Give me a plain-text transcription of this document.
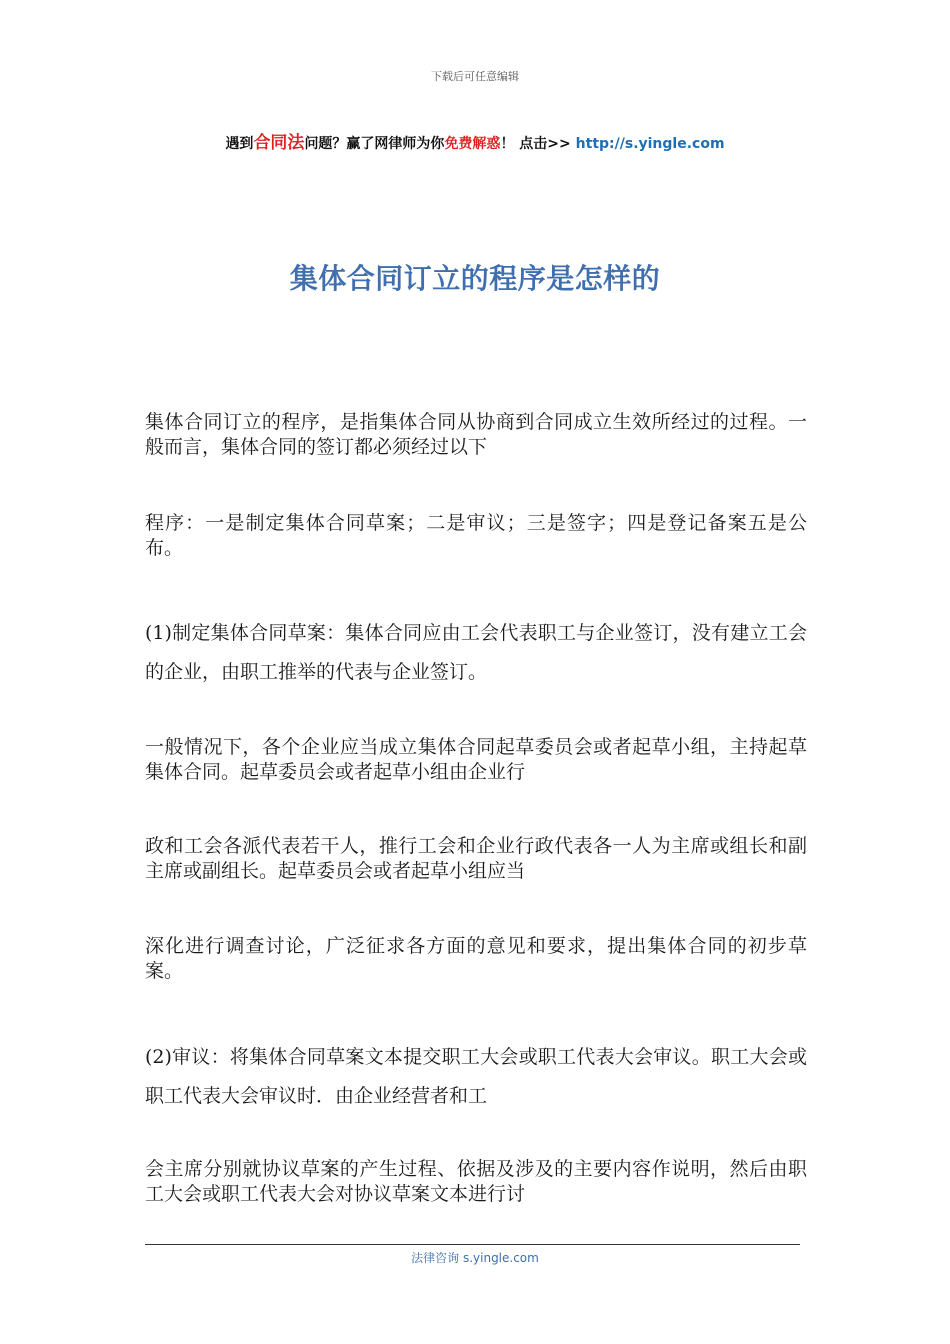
下载后可任意编辑
遇到合同法问题？赢了网律师为你免费解惑！ 点击>> http://s.yingle.com
集体合同订立的程序是怎样的

集体合同订立的程序，是指集体合同从协商到合同成立生效所经过的过程。一般而言，集体合同的签订都必须经过以下

程序：一是制定集体合同草案；二是审议；三是签字；四是登记备案五是公布。

(1)制定集体合同草案：集体合同应由工会代表职工与企业签订，没有建立工会的企业，由职工推举的代表与企业签订。

一般情况下，各个企业应当成立集体合同起草委员会或者起草小组，主持起草集体合同。起草委员会或者起草小组由企业行

政和工会各派代表若干人，推行工会和企业行政代表各一人为主席或组长和副主席或副组长。起草委员会或者起草小组应当

深化进行调查讨论，广泛征求各方面的意见和要求，提出集体合同的初步草案。

(2)审议：将集体合同草案文本提交职工大会或职工代表大会审议。职工大会或职工代表大会审议时．由企业经营者和工

会主席分别就协议草案的产生过程、依据及涉及的主要内容作说明，然后由职工大会或职工代表大会对协议草案文本进行讨

法律咨询 s.yingle.com
